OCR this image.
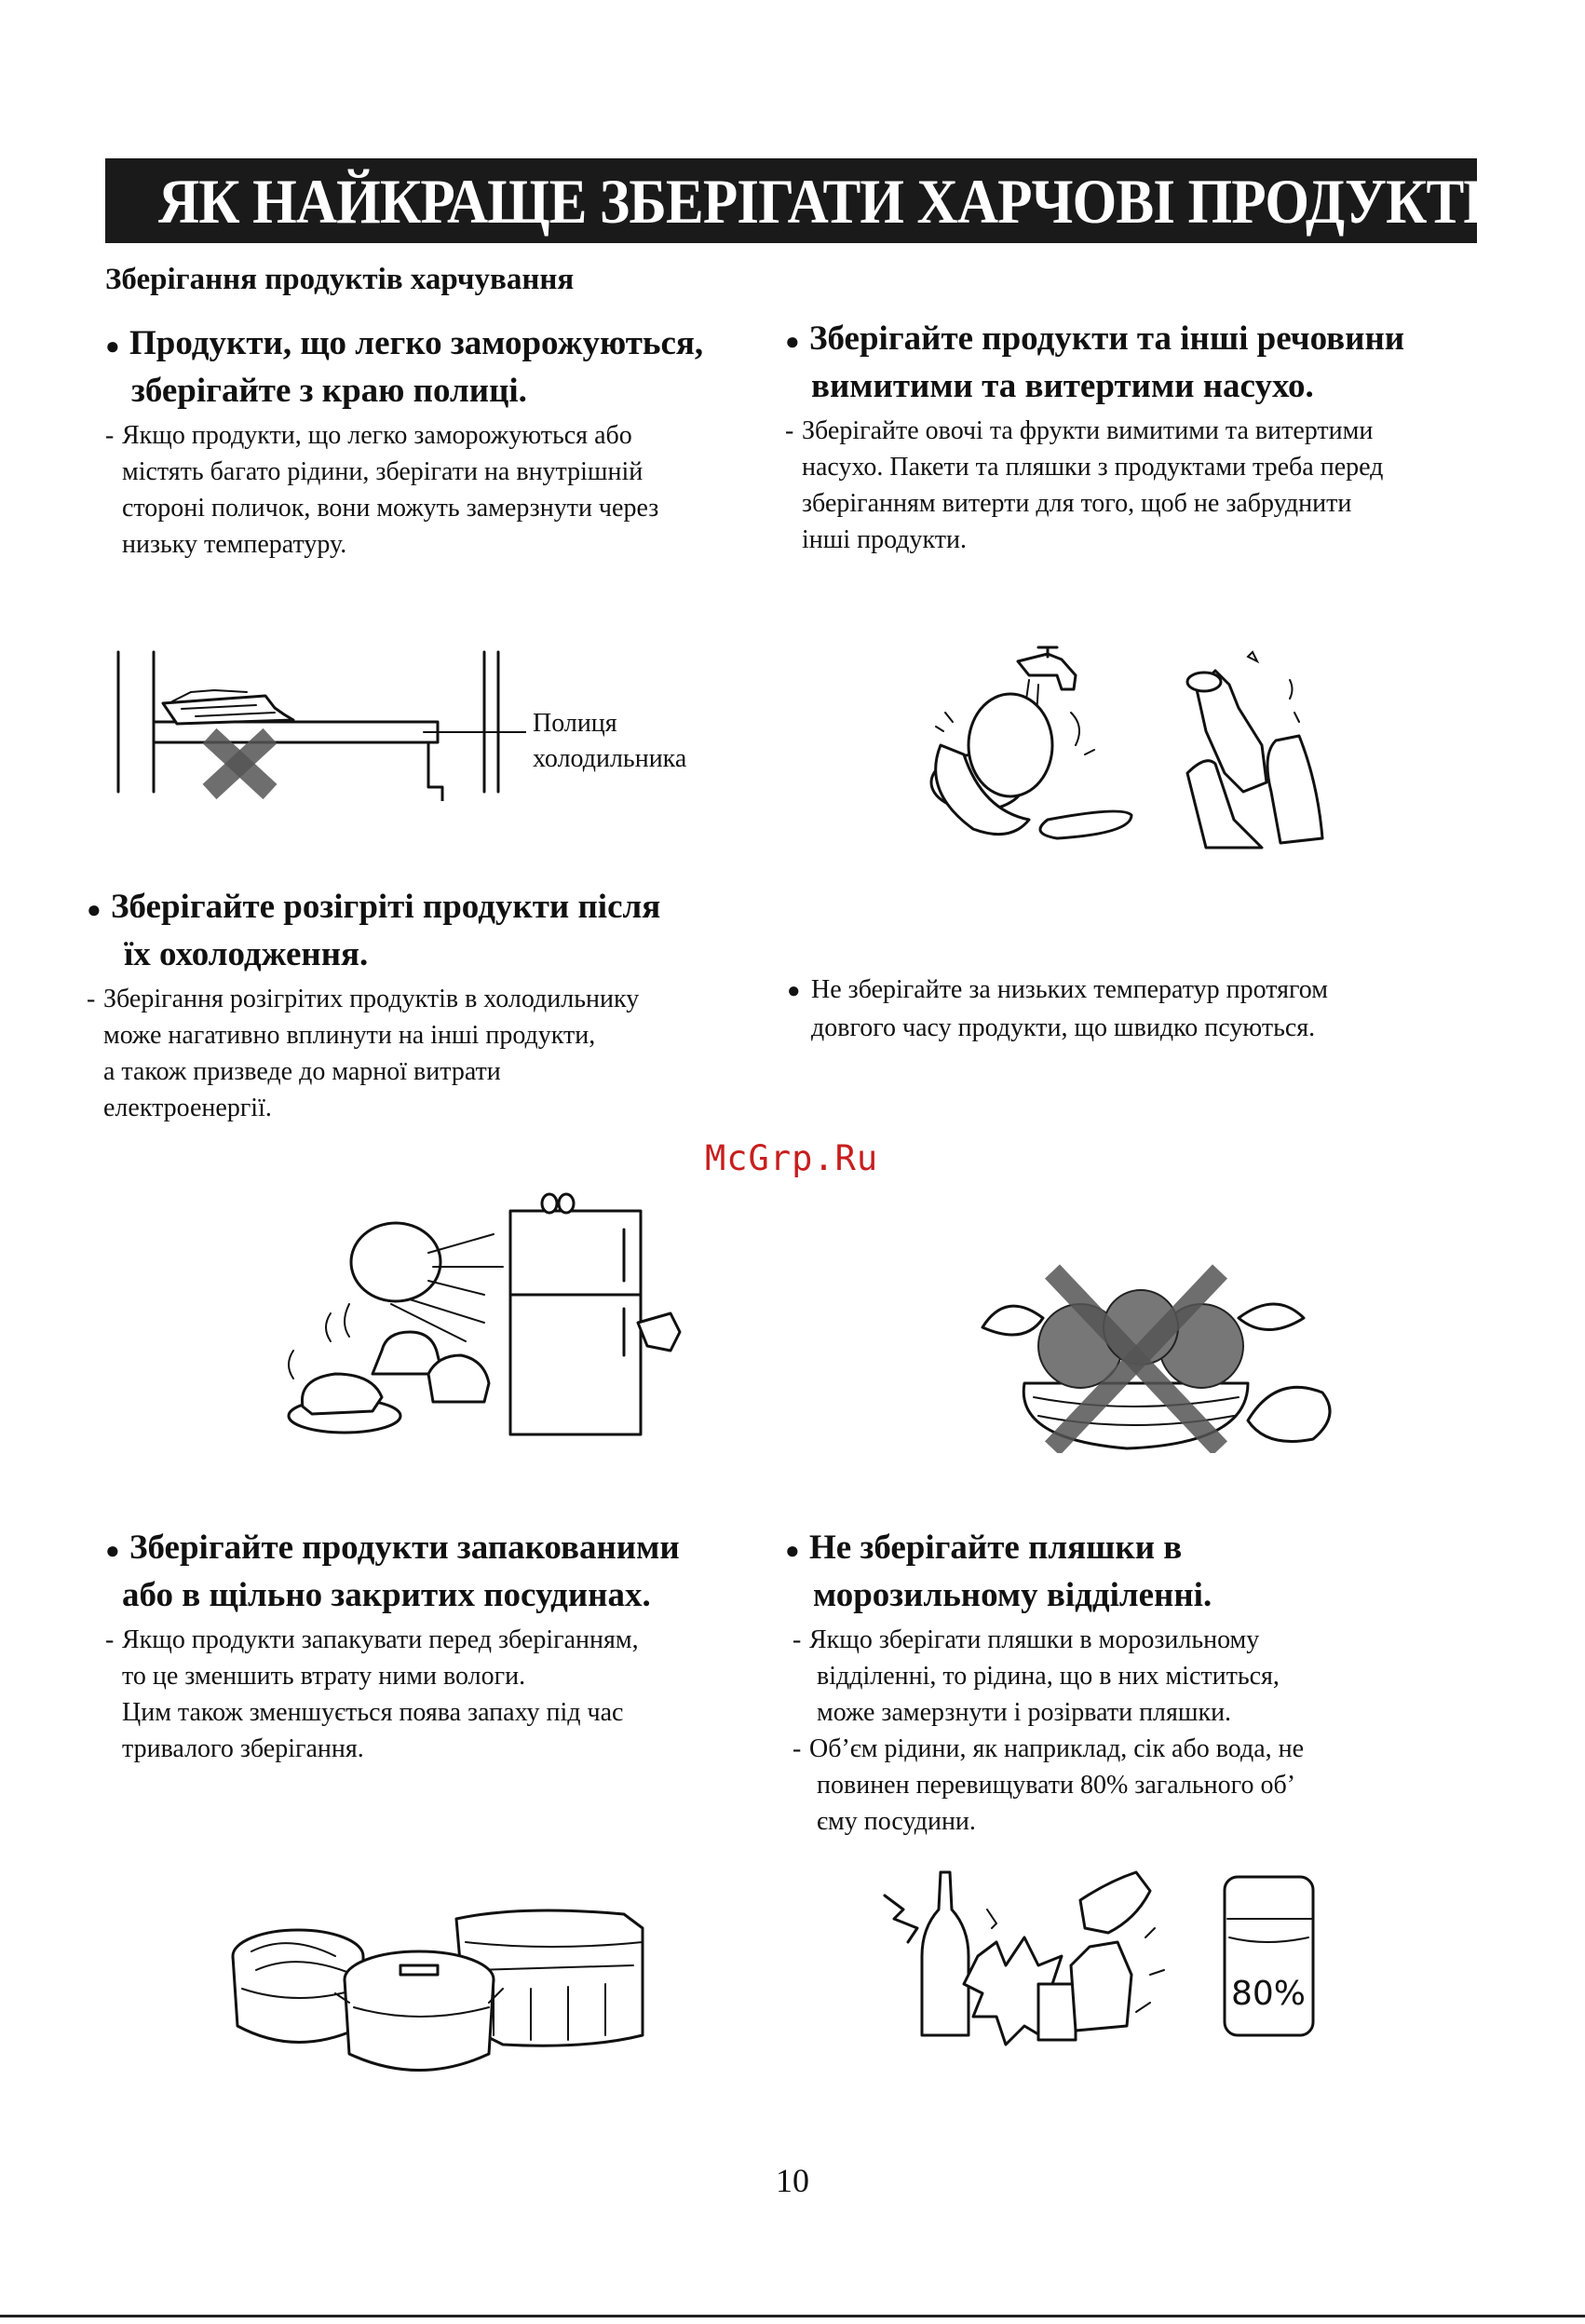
ЯК НАЙКРАЩЕ ЗБЕРІГАТИ ХАРЧОВІ ПРОДУКТИ
Зберігання продуктів харчування

● Продукти, що легко заморожуються,
зберігайте з краю полиці.

- Якщо продукти, що легко заморожуються або

містять багато рідини, зберігати на внутрішній

стороні поличок, вони можуть замерзнути через

низьку температуру.

● Зберігайте продукти та інші речовини
вимитими та витертими насухо.

- Зберігайте овочі та фрукти вимитими та витертими

насухо. Пакети та пляшки з продуктами треба перед

зберіганням витерти для того, щоб не забруднити

інші продукти.

Полиця
холодильника

● Зберігайте розігріті продукти після
їх охолодження.

- Зберігання розігрітих продуктів в холодильнику

може нагативно вплинути на інші продукти,

а також призведе до марної витрати

електроенергії.

● Не зберігайте за низьких температур протягом
довгого часу продукти, що швидко псуються.
McGrp.Ru

● Зберігайте продукти запакованими
або в щільно закритих посудинах.

- Якщо продукти запакувати перед зберіганням,

то це зменшить втрату ними вологи.

Цим також зменшується поява запаху під час

тривалого зберігання.

● Не зберігайте пляшки в
морозильному відділенні.

- Якщо зберігати пляшки в морозильному

відділенні, то рідина, що в них міститься,

може замерзнути і розірвати пляшки.

- Об’єм рідини, як наприклад, сік або вода, не

повинен перевищувати 80% загального об’

єму посудини.

80%
10
